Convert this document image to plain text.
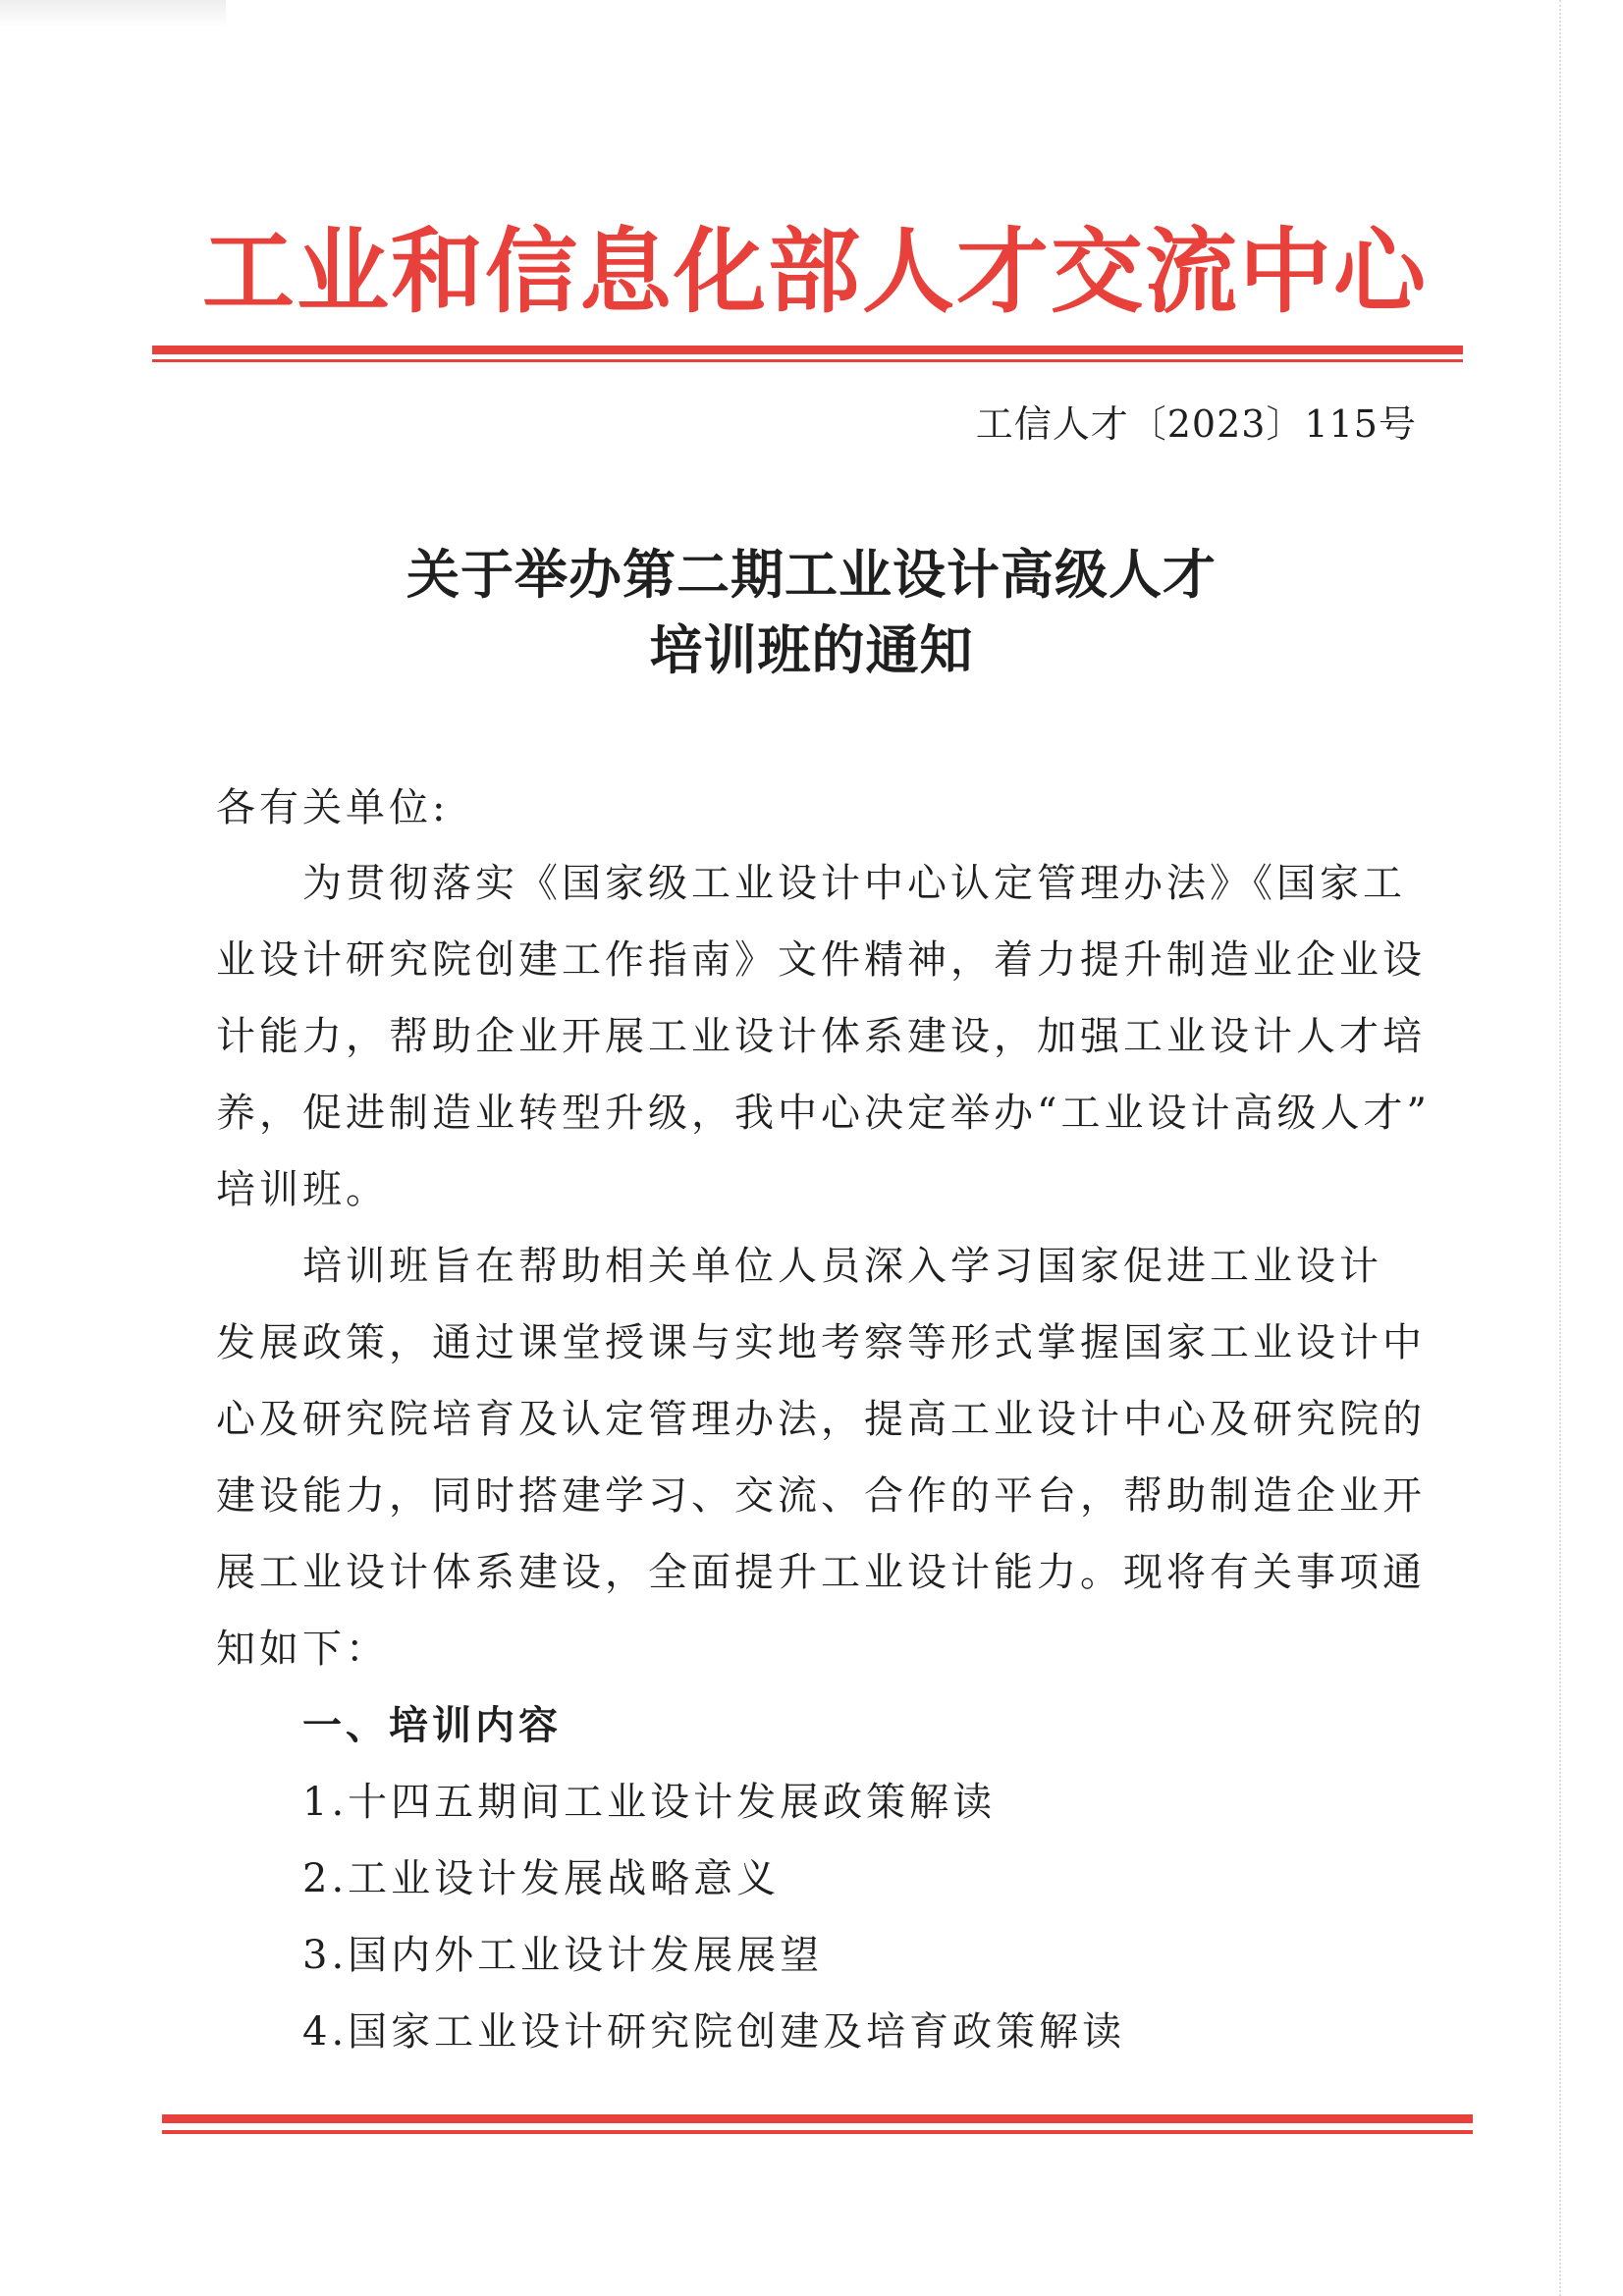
工业和信息化部人才交流中心
工信人才〔2023〕115号
关于举办第二期工业设计高级人才
培训班的通知
各有关单位:
为贯彻落实《国家级工业设计中心认定管理办法》《国家工
业设计研究院创建工作指南》文件精神，着力提升制造业企业设
计能力，帮助企业开展工业设计体系建设，加强工业设计人才培
养，促进制造业转型升级，我中心决定举办“工业设计高级人才”
培训班。
培训班旨在帮助相关单位人员深入学习国家促进工业设计
发展政策，通过课堂授课与实地考察等形式掌握国家工业设计中
心及研究院培育及认定管理办法，提高工业设计中心及研究院的
建设能力，同时搭建学习、交流、合作的平台，帮助制造企业开
展工业设计体系建设，全面提升工业设计能力。现将有关事项通
知如下：
一、培训内容
1.十四五期间工业设计发展政策解读
2.工业设计发展战略意义
3.国内外工业设计发展展望
4.国家工业设计研究院创建及培育政策解读
